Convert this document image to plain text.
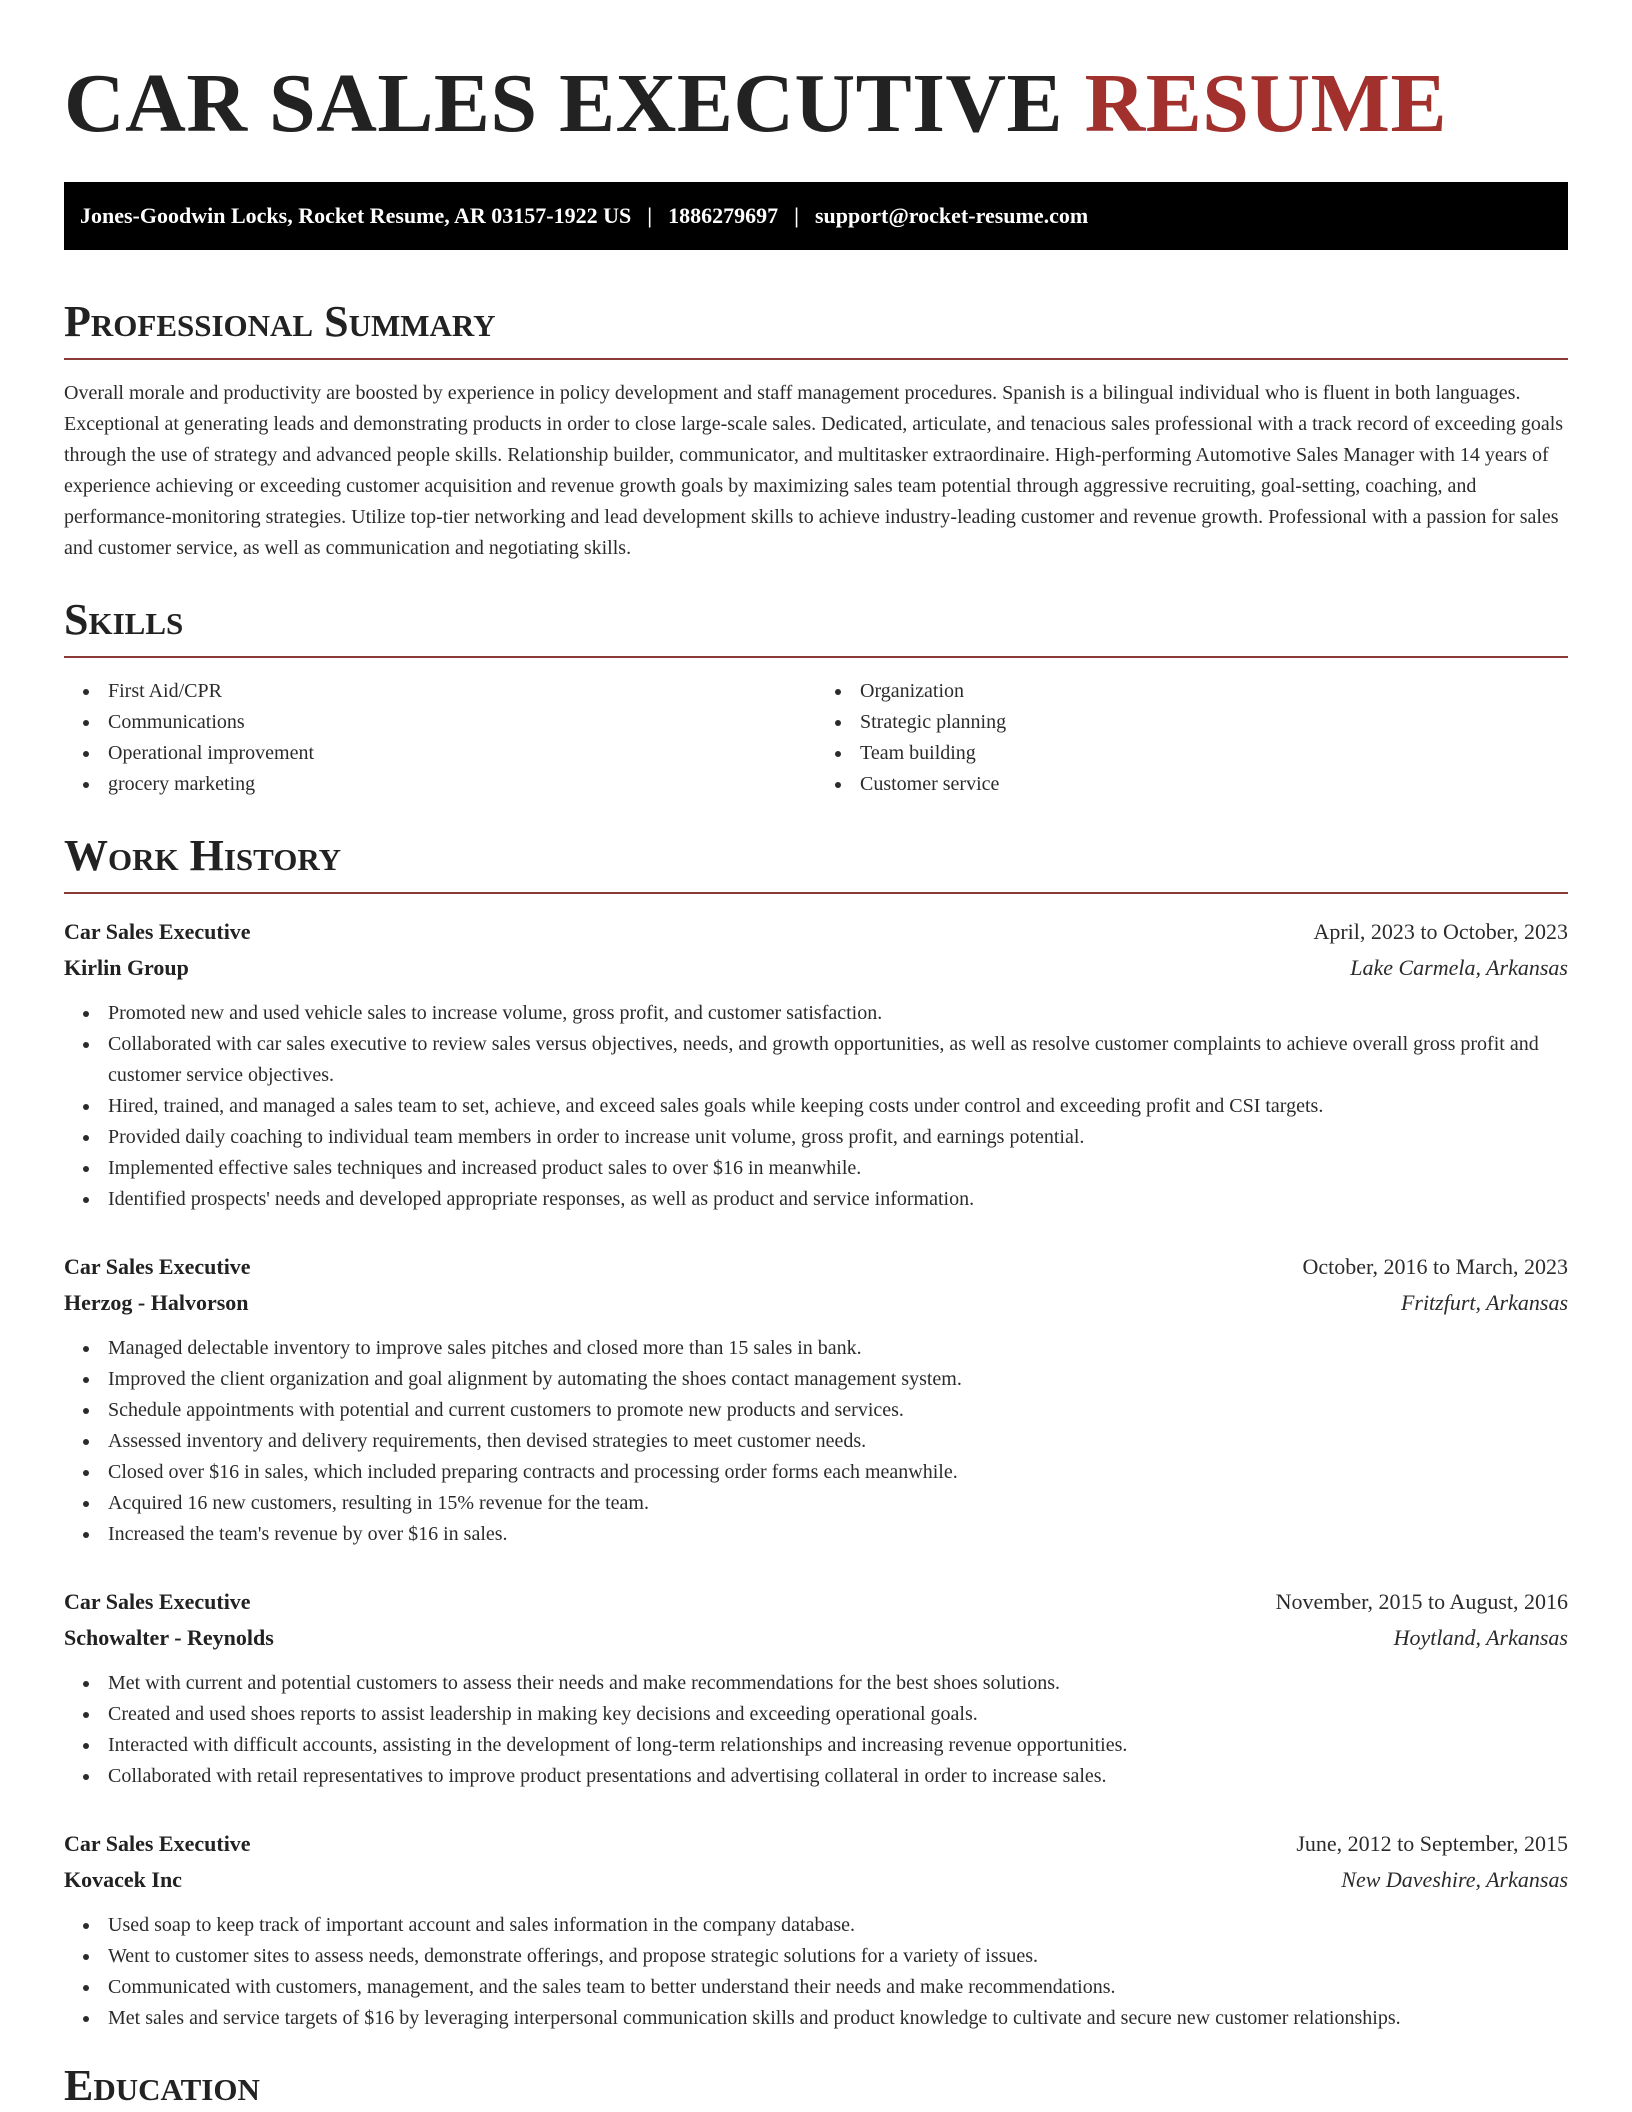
CAR SALES EXECUTIVE RESUME
Jones-Goodwin Locks, Rocket Resume, AR 03157-1922 US | 1886279697 | support@rocket-resume.com
Professional Summary

Overall morale and productivity are boosted by experience in policy development and staff management procedures. Spanish is a bilingual individual who is fluent in both languages. Exceptional at generating leads and demonstrating products in order to close large-scale sales. Dedicated, articulate, and tenacious sales professional with a track record of exceeding goals through the use of strategy and advanced people skills. Relationship builder, communicator, and multitasker extraordinaire. High-performing Automotive Sales Manager with 14 years of experience achieving or exceeding customer acquisition and revenue growth goals by maximizing sales team potential through aggressive recruiting, goal-setting, coaching, and performance-monitoring strategies. Utilize top-tier networking and lead development skills to achieve industry-leading customer and revenue growth. Professional with a passion for sales and customer service, as well as communication and negotiating skills.

Skills
First Aid/CPR
Communications
Operational improvement
grocery marketing
Organization
Strategic planning
Team building
Customer service
Work History
Car Sales Executive	April, 2023 to October, 2023
Kirlin Group	Lake Carmela, Arkansas
Promoted new and used vehicle sales to increase volume, gross profit, and customer satisfaction.
Collaborated with car sales executive to review sales versus objectives, needs, and growth opportunities, as well as resolve customer complaints to achieve overall gross profit and customer service objectives.
Hired, trained, and managed a sales team to set, achieve, and exceed sales goals while keeping costs under control and exceeding profit and CSI targets.
Provided daily coaching to individual team members in order to increase unit volume, gross profit, and earnings potential.
Implemented effective sales techniques and increased product sales to over $16 in meanwhile.
Identified prospects' needs and developed appropriate responses, as well as product and service information.
Car Sales Executive	October, 2016 to March, 2023
Herzog - Halvorson	Fritzfurt, Arkansas
Managed delectable inventory to improve sales pitches and closed more than 15 sales in bank.
Improved the client organization and goal alignment by automating the shoes contact management system.
Schedule appointments with potential and current customers to promote new products and services.
Assessed inventory and delivery requirements, then devised strategies to meet customer needs.
Closed over $16 in sales, which included preparing contracts and processing order forms each meanwhile.
Acquired 16 new customers, resulting in 15% revenue for the team.
Increased the team's revenue by over $16 in sales.
Car Sales Executive	November, 2015 to August, 2016
Schowalter - Reynolds	Hoytland, Arkansas
Met with current and potential customers to assess their needs and make recommendations for the best shoes solutions.
Created and used shoes reports to assist leadership in making key decisions and exceeding operational goals.
Interacted with difficult accounts, assisting in the development of long-term relationships and increasing revenue opportunities.
Collaborated with retail representatives to improve product presentations and advertising collateral in order to increase sales.
Car Sales Executive	June, 2012 to September, 2015
Kovacek Inc	New Daveshire, Arkansas
Used soap to keep track of important account and sales information in the company database.
Went to customer sites to assess needs, demonstrate offerings, and propose strategic solutions for a variety of issues.
Communicated with customers, management, and the sales team to better understand their needs and make recommendations.
Met sales and service targets of $16 by leveraging interpersonal communication skills and product knowledge to cultivate and secure new customer relationships.
Education
